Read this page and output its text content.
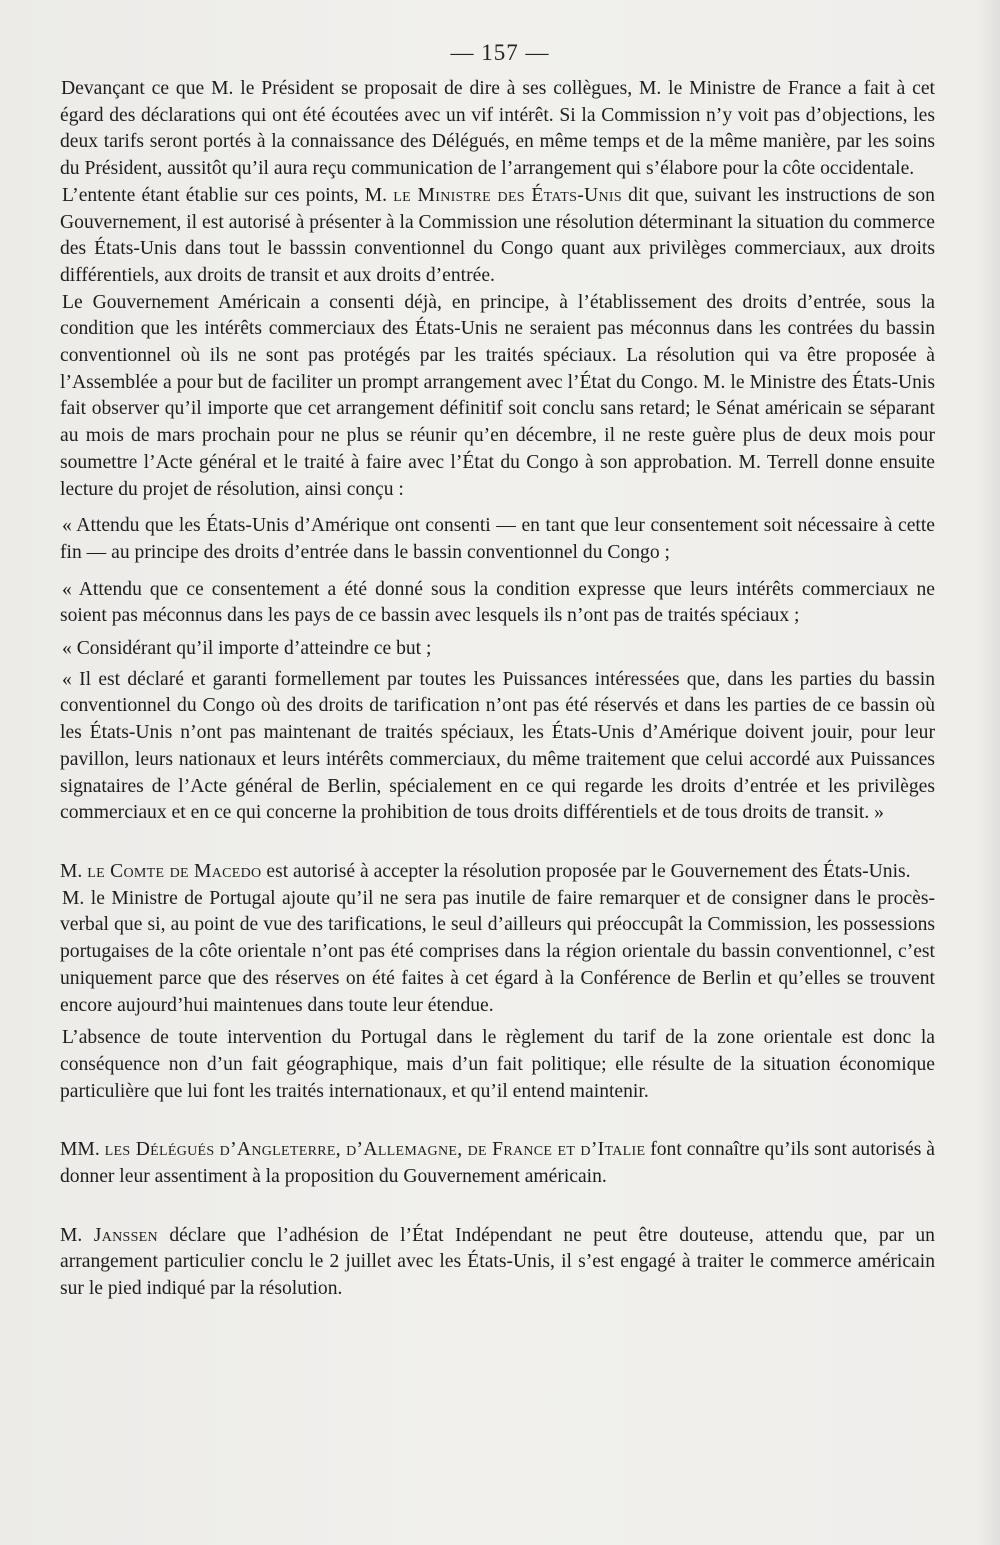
— 157 —

Devançant ce que M. le Président se proposait de dire à ses collègues, M. le Ministre de France a fait à cet égard des déclarations qui ont été écoutées avec un vif intérêt. Si la Commission n’y voit pas d’objections, les deux tarifs seront portés à la connaissance des Délégués, en même temps et de la même manière, par les soins du Président, aussitôt qu’il aura reçu communication de l’arrangement qui s’élabore pour la côte occidentale.

L’entente étant établie sur ces points, M. le Ministre des États-Unis dit que, suivant les instructions de son Gouvernement, il est autorisé à présenter à la Commission une résolution déterminant la situation du commerce des États-Unis dans tout le basssin conventionnel du Congo quant aux privilèges commerciaux, aux droits différentiels, aux droits de transit et aux droits d’entrée.

Le Gouvernement Américain a consenti déjà, en principe, à l’établissement des droits d’entrée, sous la condition que les intérêts commerciaux des États-Unis ne seraient pas méconnus dans les contrées du bassin conventionnel où ils ne sont pas protégés par les traités spéciaux. La résolution qui va être proposée à l’Assemblée a pour but de faciliter un prompt arrangement avec l’État du Congo. M. le Ministre des États-Unis fait observer qu’il importe que cet arrangement définitif soit conclu sans retard; le Sénat américain se séparant au mois de mars prochain pour ne plus se réunir qu’en décembre, il ne reste guère plus de deux mois pour soumettre l’Acte général et le traité à faire avec l’État du Congo à son approbation. M. Terrell donne ensuite lecture du projet de résolution, ainsi conçu :

« Attendu que les États-Unis d’Amérique ont consenti — en tant que leur consentement soit nécessaire à cette fin — au principe des droits d’entrée dans le bassin conventionnel du Congo ;

« Attendu que ce consentement a été donné sous la condition expresse que leurs intérêts commerciaux ne soient pas méconnus dans les pays de ce bassin avec lesquels ils n’ont pas de traités spéciaux ;

« Considérant qu’il importe d’atteindre ce but ;

« Il est déclaré et garanti formellement par toutes les Puissances intéressées que, dans les parties du bassin conventionnel du Congo où des droits de tarification n’ont pas été réservés et dans les parties de ce bassin où les États-Unis n’ont pas maintenant de traités spéciaux, les États-Unis d’Amérique doivent jouir, pour leur pavillon, leurs nationaux et leurs intérêts commerciaux, du même traitement que celui accordé aux Puissances signataires de l’Acte général de Berlin, spécialement en ce qui regarde les droits d’entrée et les privilèges commerciaux et en ce qui concerne la prohibition de tous droits différentiels et de tous droits de transit. »

M. le Comte de Macedo est autorisé à accepter la résolution proposée par le Gouvernement des États-Unis.

M. le Ministre de Portugal ajoute qu’il ne sera pas inutile de faire remarquer et de consigner dans le procès-verbal que si, au point de vue des tarifications, le seul d’ailleurs qui préoccupât la Commission, les possessions portugaises de la côte orientale n’ont pas été comprises dans la région orientale du bassin conventionnel, c’est uniquement parce que des réserves on été faites à cet égard à la Conférence de Berlin et qu’elles se trouvent encore aujourd’hui maintenues dans toute leur étendue.

L’absence de toute intervention du Portugal dans le règlement du tarif de la zone orientale est donc la conséquence non d’un fait géographique, mais d’un fait politique; elle résulte de la situation économique particulière que lui font les traités internationaux, et qu’il entend maintenir.

MM. les Délégués d’Angleterre, d’Allemagne, de France et d’Italie font connaître qu’ils sont autorisés à donner leur assentiment à la proposition du Gouvernement américain.

M. Janssen déclare que l’adhésion de l’État Indépendant ne peut être douteuse, attendu que, par un arrangement particulier conclu le 2 juillet avec les États-Unis, il s’est engagé à traiter le commerce américain sur le pied indiqué par la résolution.
